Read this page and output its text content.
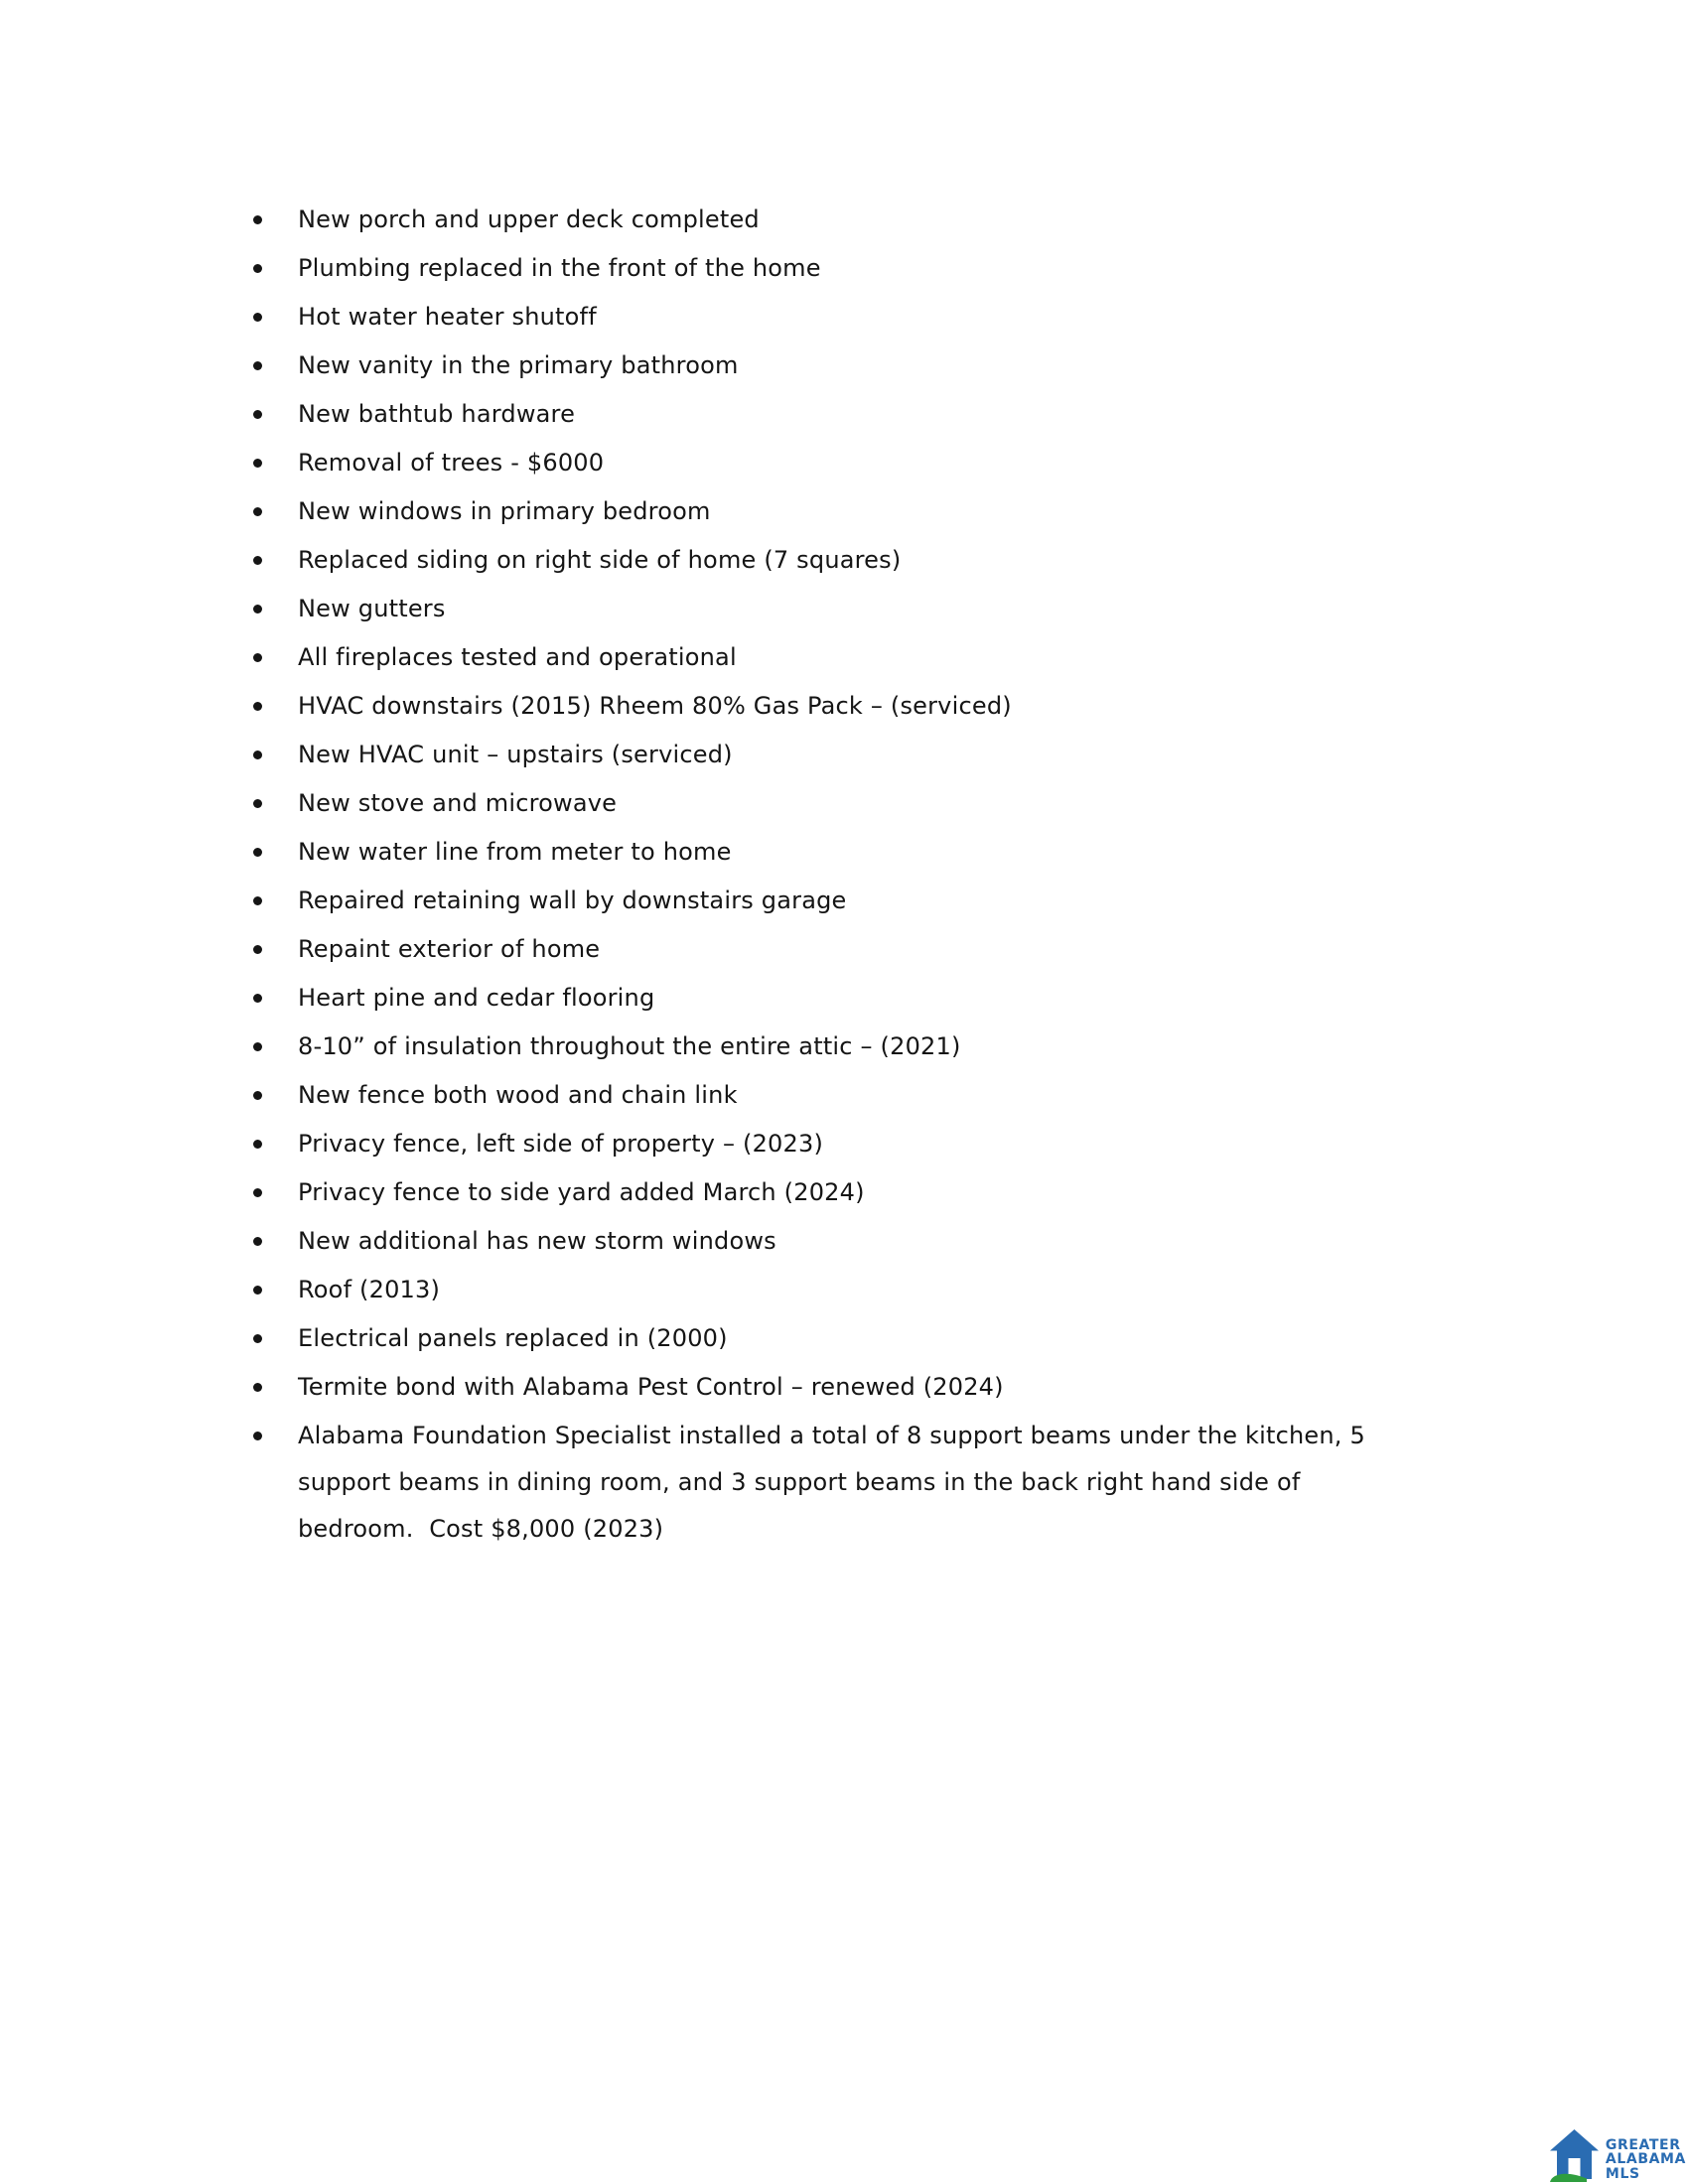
New porch and upper deck completed
Plumbing replaced in the front of the home
Hot water heater shutoff
New vanity in the primary bathroom
New bathtub hardware
Removal of trees - $6000
New windows in primary bedroom
Replaced siding on right side of home (7 squares)
New gutters
All fireplaces tested and operational
HVAC downstairs (2015) Rheem 80% Gas Pack – (serviced)
New HVAC unit – upstairs (serviced)
New stove and microwave
New water line from meter to home
Repaired retaining wall by downstairs garage
Repaint exterior of home
Heart pine and cedar flooring
8-10” of insulation throughout the entire attic – (2021)
New fence both wood and chain link
Privacy fence, left side of property – (2023)
Privacy fence to side yard added March (2024)
New additional has new storm windows
Roof (2013)
Electrical panels replaced in (2000)
Termite bond with Alabama Pest Control – renewed (2024)
Alabama Foundation Specialist installed a total of 8 support beams under the kitchen, 5 support beams in dining room, and 3 support beams in the back right hand side of bedroom.  Cost $8,000 (2023)
GREATER
ALABAMA
MLS
